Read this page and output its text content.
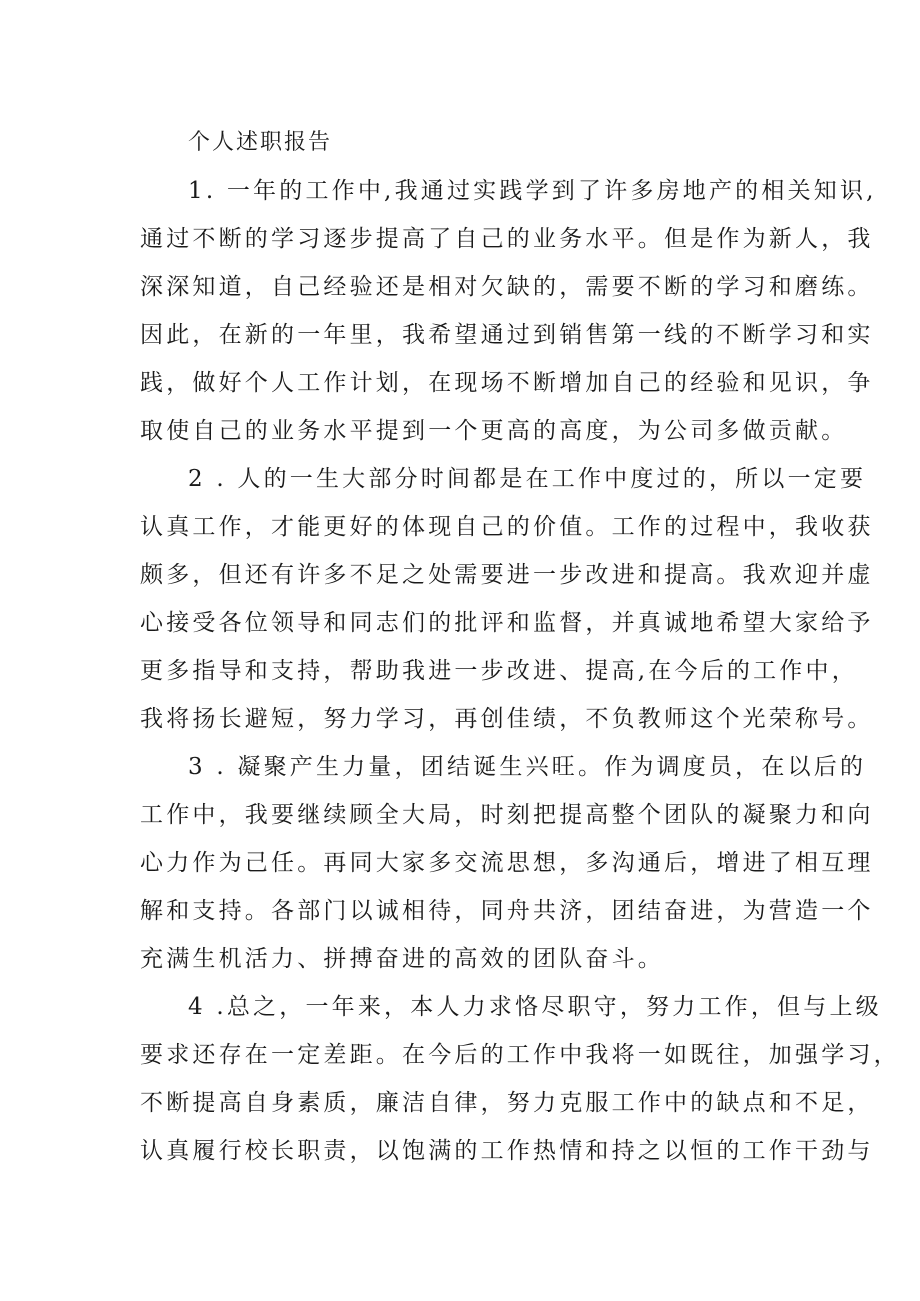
个人述职报告
1. 一年的工作中,我通过实践学到了许多房地产的相关知识,
通过不断的学习逐步提高了自己的业务水平。但是作为新人，我
深深知道，自己经验还是相对欠缺的，需要不断的学习和磨练。
因此，在新的一年里，我希望通过到销售第一线的不断学习和实
践，做好个人工作计划，在现场不断增加自己的经验和见识，争
取使自己的业务水平提到一个更高的高度，为公司多做贡献。
2 . 人的一生大部分时间都是在工作中度过的，所以一定要
认真工作，才能更好的体现自己的价值。工作的过程中，我收获
颇多，但还有许多不足之处需要进一步改进和提高。我欢迎并虚
心接受各位领导和同志们的批评和监督，并真诚地希望大家给予
更多指导和支持，帮助我进一步改进、提高,在今后的工作中，
我将扬长避短，努力学习，再创佳绩，不负教师这个光荣称号。
3 . 凝聚产生力量，团结诞生兴旺。作为调度员，在以后的
工作中，我要继续顾全大局，时刻把提高整个团队的凝聚力和向
心力作为己任。再同大家多交流思想，多沟通后，增进了相互理
解和支持。各部门以诚相待，同舟共济，团结奋进，为营造一个
充满生机活力、拼搏奋进的高效的团队奋斗。
4 .总之，一年来，本人力求恪尽职守，努力工作，但与上级
要求还存在一定差距。在今后的工作中我将一如既往，加强学习，
不断提高自身素质，廉洁自律，努力克服工作中的缺点和不足，
认真履行校长职责，以饱满的工作热情和持之以恒的工作干劲与
